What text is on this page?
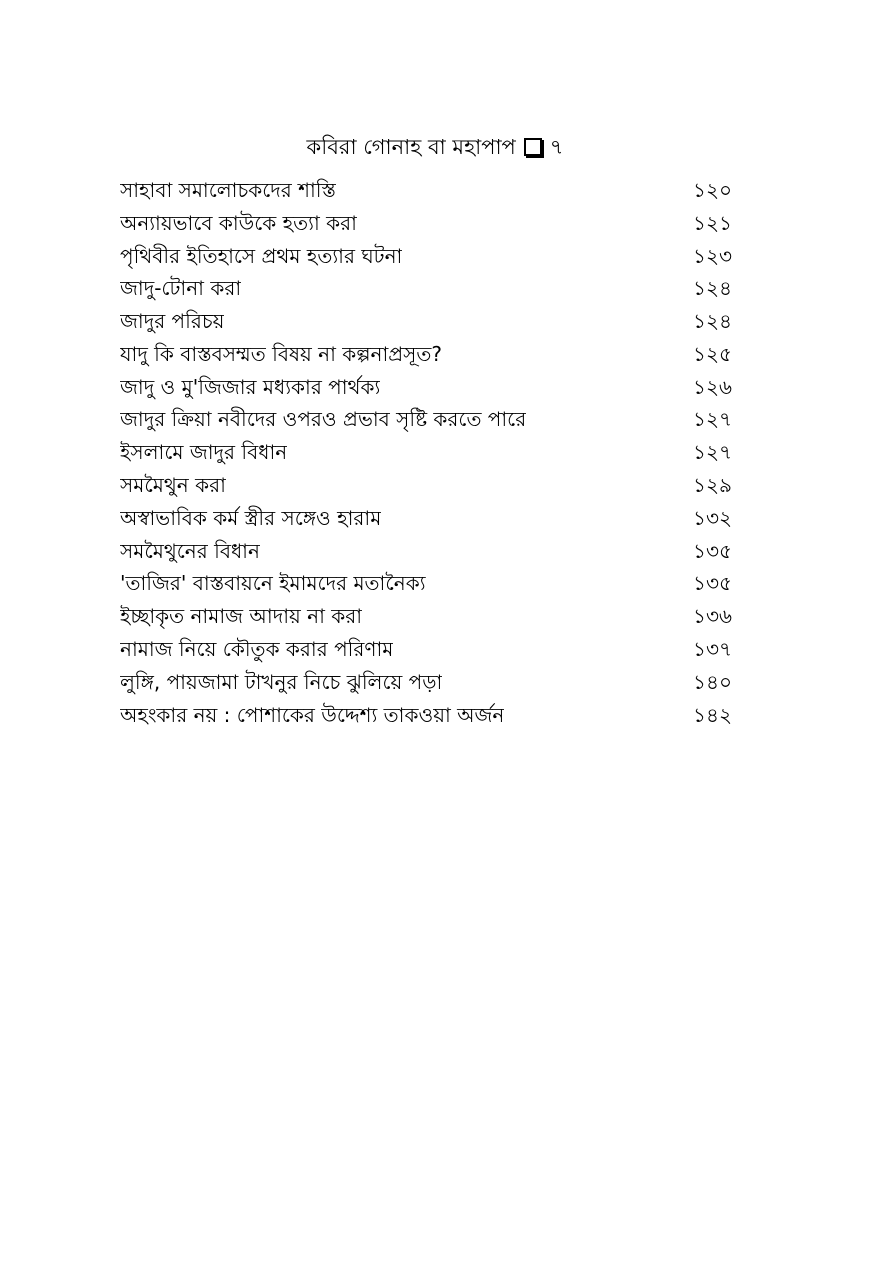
কবিরা গোনাহ বা মহাপাপ ৭
সাহাবা সমালোচকদের শাস্তি	১২০
অন্যায়ভাবে কাউকে হত্যা করা	১২১
পৃথিবীর ইতিহাসে প্রথম হত্যার ঘটনা	১২৩
জাদু-টোনা করা	১২৪
জাদুর পরিচয়	১২৪
যাদু কি বাস্তবসম্মত বিষয় না কল্পনাপ্রসূত?	১২৫
জাদু ও মু'জিজার মধ্যকার পার্থক্য	১২৬
জাদুর ক্রিয়া নবীদের ওপরও প্রভাব সৃষ্টি করতে পারে	১২৭
ইসলামে জাদুর বিধান	১২৭
সমমৈথুন করা	১২৯
অস্বাভাবিক কর্ম স্ত্রীর সঙ্গেও হারাম	১৩২
সমমৈথুনের বিধান	১৩৫
'তাজির' বাস্তবায়নে ইমামদের মতানৈক্য	১৩৫
ইচ্ছাকৃত নামাজ আদায় না করা	১৩৬
নামাজ নিয়ে কৌতুক করার পরিণাম	১৩৭
লুঙ্গি, পায়জামা টাখনুর নিচে ঝুলিয়ে পড়া	১৪০
অহংকার নয় : পোশাকের উদ্দেশ্য তাকওয়া অর্জন	১৪২
